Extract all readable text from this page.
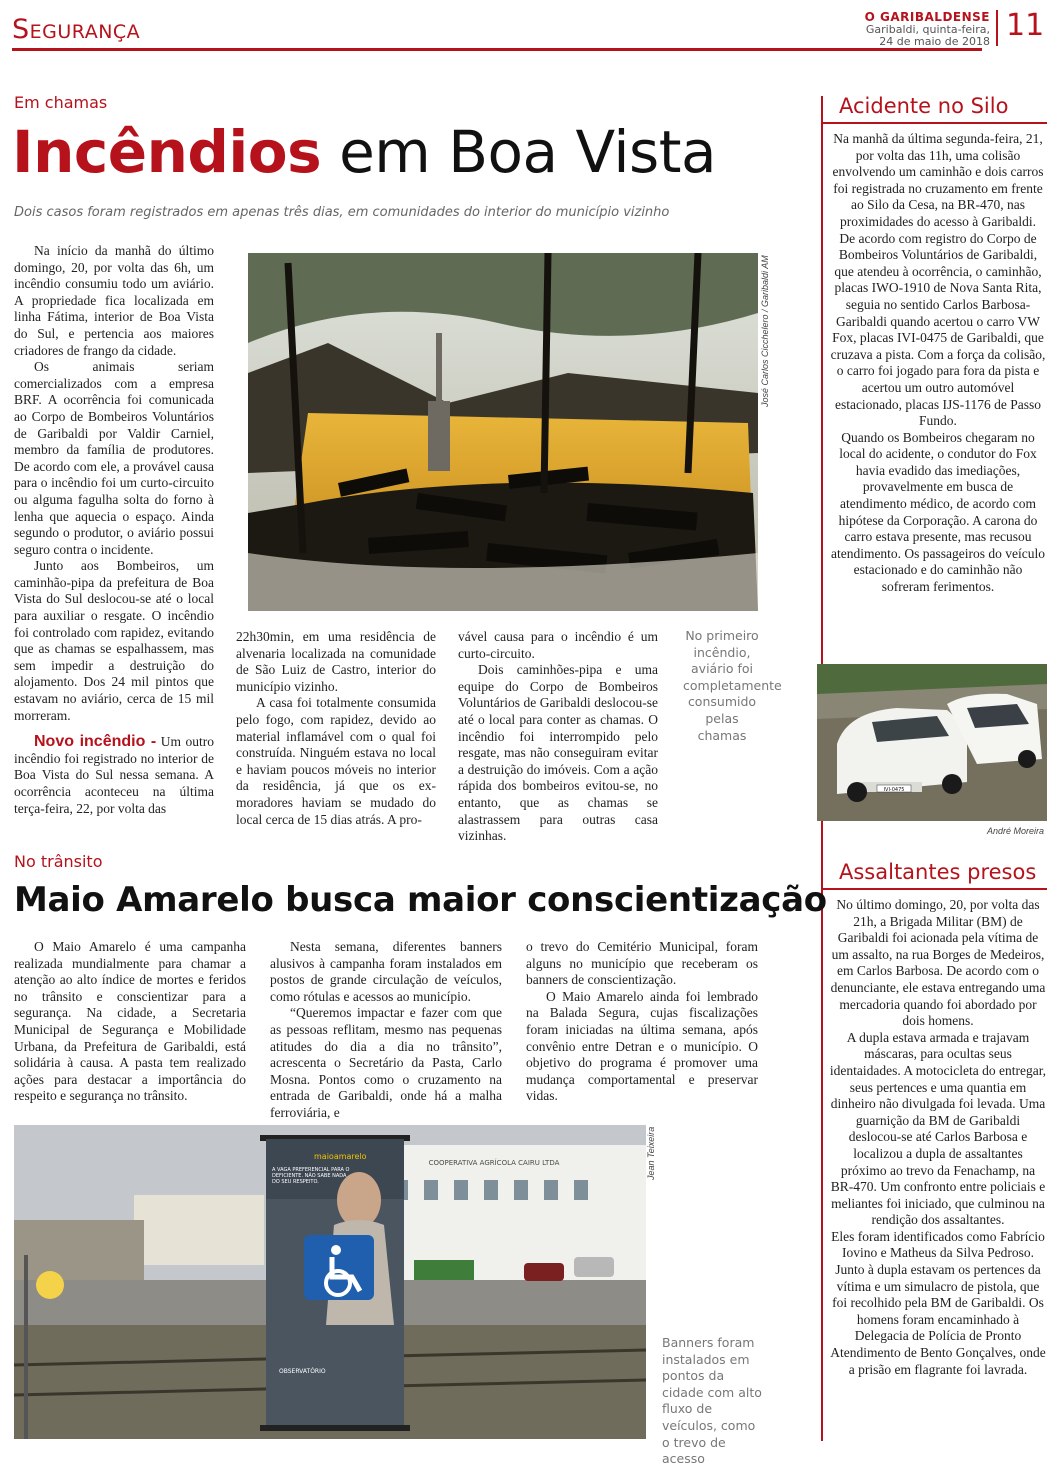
Segurança	O GARIBALDENSE
Garibaldi, quinta-feira,
24 de maio de 2018 11
Em chamas
Incêndios em Boa Vista
Dois casos foram registrados em apenas três dias, em comunidades do interior do município vizinho

Na início da manhã do último domingo, 20, por volta das 6h, um incêndio consumiu todo um aviário. A propriedade fica localizada em linha Fátima, interior de Boa Vista do Sul, e pertencia aos maiores criadores de frango da cidade.

Os animais seriam comercializados com a empresa BRF. A ocorrência foi comunicada ao Corpo de Bombeiros Voluntários de Garibaldi por Valdir Carniel, membro da família de produtores. De acordo com ele, a provável causa para o incêndio foi um curto-circuito ou alguma fagulha solta do forno à lenha que aquecia o espaço. Ainda segundo o produtor, o aviário possui seguro contra o incidente.

Junto aos Bombeiros, um caminhão-pipa da prefeitura de Boa Vista do Sul deslocou-se até o local para auxiliar o resgate. O incêndio foi controlado com rapidez, evitando que as chamas se espalhassem, mas sem impedir a destruição do alojamento. Dos 24 mil pintos que estavam no aviário, cerca de 15 mil morreram.

Novo incêndio - Um outro incêndio foi registrado no interior de Boa Vista do Sul nessa semana. A ocorrência aconteceu na última terça-feira, 22, por volta das

José Carlos Cicchelero / Garibaldi AM

22h30min, em uma residência de alvenaria localizada na comunidade de São Luiz de Castro, interior do município vizinho.

A casa foi totalmente consumida pelo fogo, com rapidez, devido ao material inflamável com o qual foi construída. Ninguém estava no local e haviam poucos móveis no interior da residência, já que os ex-moradores haviam se mudado do local cerca de 15 dias atrás. A pro-

vável causa para o incêndio é um curto-circuito.

Dois caminhões-pipa e uma equipe do Corpo de Bombeiros Voluntários de Garibaldi deslocou-se até o local para conter as chamas. O incêndio foi interrompido pelo resgate, mas não conseguiram evitar a destruição do imóveis. Com a ação rápida dos bombeiros evitou-se, no entanto, que as chamas se alastrassem para outras casa vizinhas.

No primeiro incêndio, aviário foi completamente consumido pelas chamas
Acidente no Silo

Na manhã da última segunda-feira, 21, por volta das 11h, uma colisão envolvendo um caminhão e dois carros foi registrada no cruzamento em frente ao Silo da Cesa, na BR-470, nas proximidades do acesso à Garibaldi.

De acordo com registro do Corpo de Bombeiros Voluntários de Garibaldi, que atendeu à ocorrência, o caminhão, placas IWO-1910 de Nova Santa Rita, seguia no sentido Carlos Barbosa-Garibaldi quando acertou o carro VW Fox, placas IVI-0475 de Garibaldi, que cruzava a pista. Com a força da colisão, o carro foi jogado para fora da pista e acertou um outro automóvel estacionado, placas IJS-1176 de Passo Fundo.

Quando os Bombeiros chegaram no local do acidente, o condutor do Fox havia evadido das imediações, provavelmente em busca de atendimento médico, de acordo com hipótese da Corporação. A carona do carro estava presente, mas recusou atendimento. Os passageiros do veículo estacionado e do caminhão não sofreram ferimentos.

IVI-0475
André Moreira
Assaltantes presos

No último domingo, 20, por volta das 21h, a Brigada Militar (BM) de Garibaldi foi acionada pela vítima de um assalto, na rua Borges de Medeiros, em Carlos Barbosa. De acordo com o denunciante, ele estava entregando uma mercadoria quando foi abordado por dois homens.

A dupla estava armada e trajavam máscaras, para ocultas seus identaidades. A motocicleta do entregar, seus pertences e uma quantia em dinheiro não divulgada foi levada. Uma guarnição da BM de Garibaldi deslocou-se até Carlos Barbosa e localizou a dupla de assaltantes próximo ao trevo da Fenachamp, na BR-470. Um confronto entre policiais e meliantes foi iniciado, que culminou na rendição dos assaltantes.

Eles foram identificados como Fabrício Iovino e Matheus da Silva Pedroso. Junto à dupla estavam os pertences da vítima e um simulacro de pistola, que foi recolhido pela BM de Garibaldi. Os homens foram encaminhado à Delegacia de Polícia de Pronto Atendimento de Bento Gonçalves, onde a prisão em flagrante foi lavrada.

No trânsito
Maio Amarelo busca maior conscientização

O Maio Amarelo é uma campanha realizada mundialmente para chamar a atenção ao alto índice de mortes e feridos no trânsito e conscientizar para a segurança. Na cidade, a Secretaria Municipal de Segurança e Mobilidade Urbana, da Prefeitura de Garibaldi, está solidária à causa. A pasta tem realizado ações para destacar a importância do respeito e segurança no trânsito.

Nesta semana, diferentes banners alusivos à campanha foram instalados em postos de grande circulação de veículos, como rótulas e acessos ao município.

“Queremos impactar e fazer com que as pessoas reflitam, mesmo nas pequenas atitudes do dia a dia no trânsito”, acrescenta o Secretário da Pasta, Carlo Mosna. Pontos como o cruzamento na entrada de Garibaldi, onde há a malha ferroviária, e

o trevo do Cemitério Municipal, foram alguns no município que receberam os banners de conscientização.

O Maio Amarelo ainda foi lembrado na Balada Segura, cujas fiscalizações foram iniciadas na última semana, após convênio entre Detran e o município. O objetivo do programa é promover uma mudança comportamental e preservar vidas.

COOPERATIVA AGRÍCOLA CAIRU LTDA
maioamarelo
A VAGA PREFERENCIAL PARA O DEFICIENTE. NÃO SABE NADA DO SEU RESPEITO.
OBSERVATÓRIO
Jean Teixeira
Banners foram instalados em pontos da cidade com alto fluxo de veículos, como o trevo de acesso
